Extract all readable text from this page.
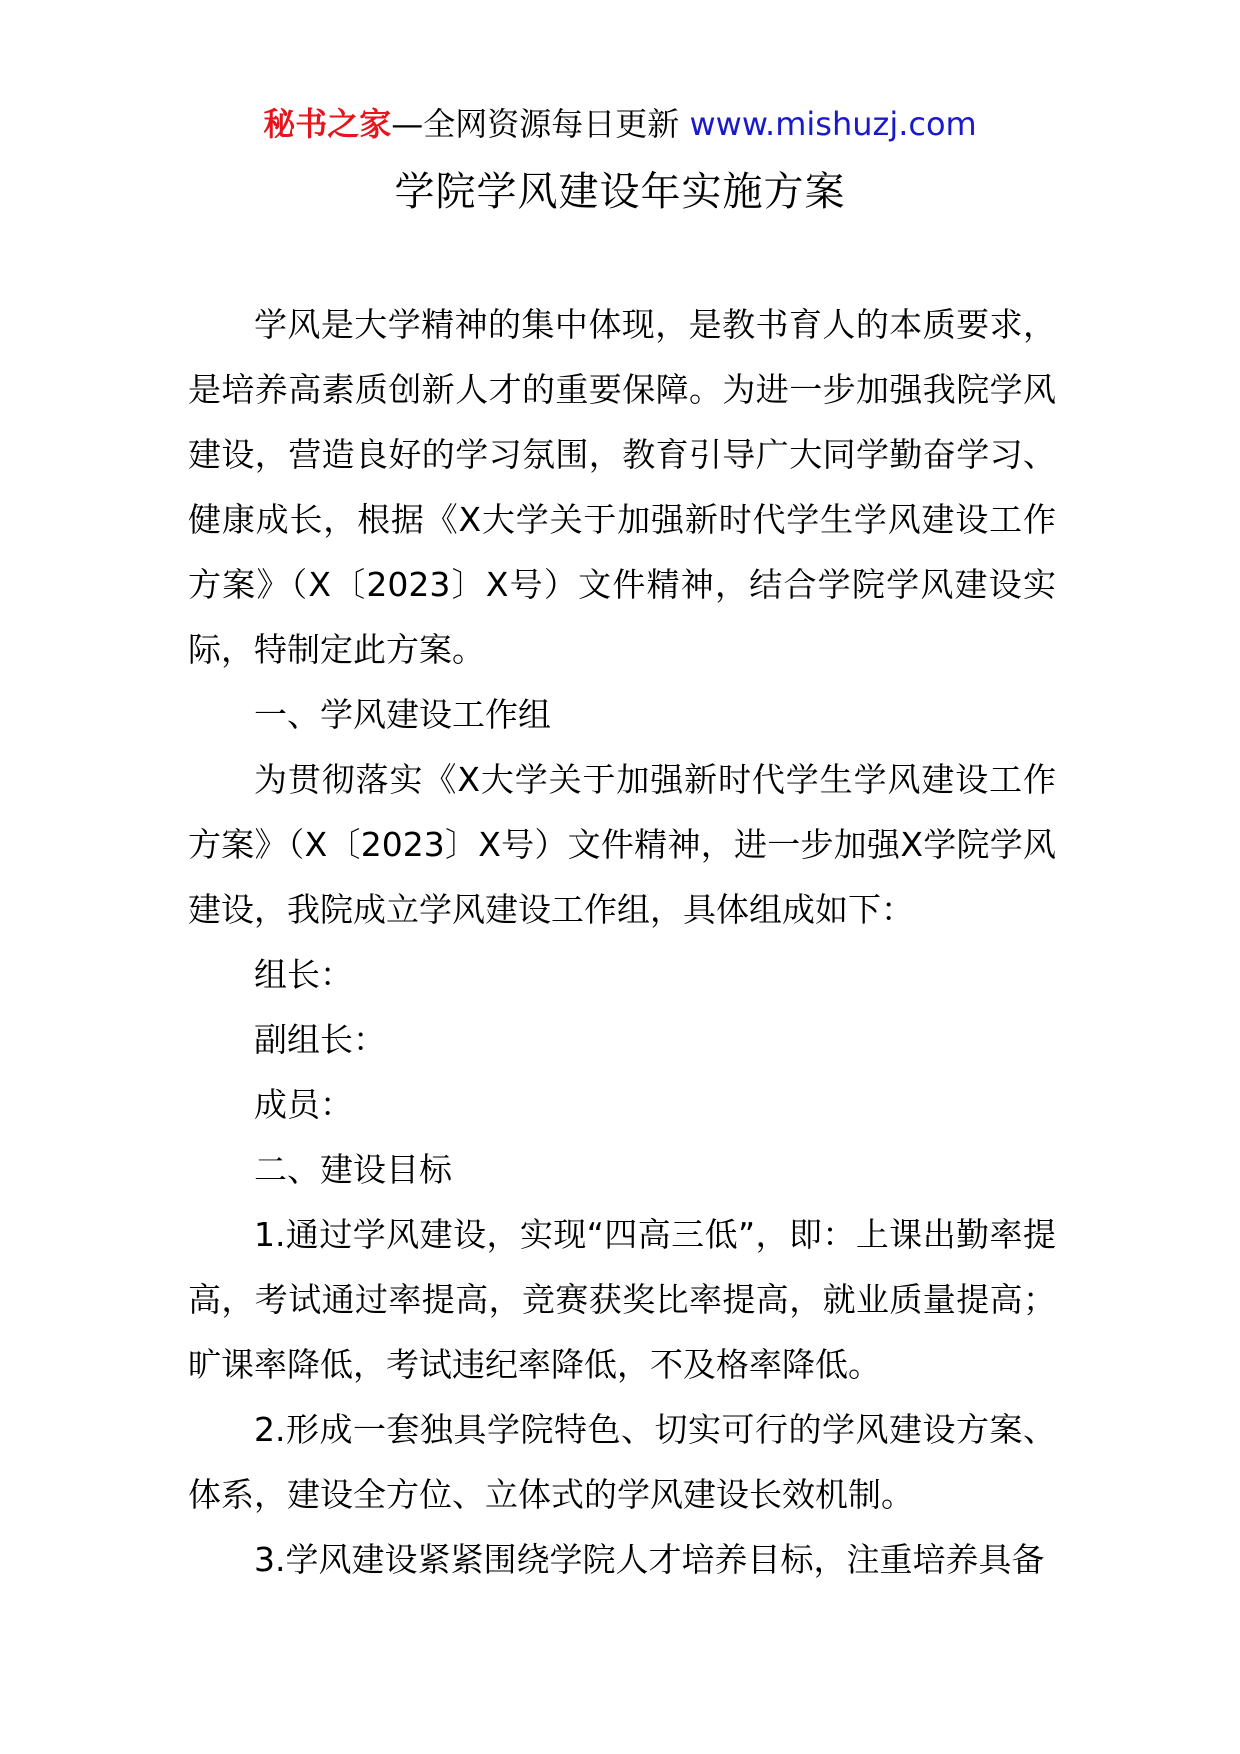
秘书之家—全网资源每日更新 www.mishuzj.com
学院学风建设年实施方案

学风是大学精神的集中体现，是教书育人的本质要求，是培养高素质创新人才的重要保障。为进一步加强我院学风建设，营造良好的学习氛围，教育引导广大同学勤奋学习、健康成长，根据《X大学关于加强新时代学生学风建设工作方案》（X〔2023〕X号）文件精神，结合学院学风建设实际，特制定此方案。

一、学风建设工作组

为贯彻落实《X大学关于加强新时代学生学风建设工作方案》（X〔2023〕X号）文件精神，进一步加强X学院学风建设，我院成立学风建设工作组，具体组成如下：

组长：

副组长：

成员：

二、建设目标

1.通过学风建设，实现“四高三低”，即：上课出勤率提高，考试通过率提高，竞赛获奖比率提高，就业质量提高；旷课率降低，考试违纪率降低，不及格率降低。

2.形成一套独具学院特色、切实可行的学风建设方案、体系，建设全方位、立体式的学风建设长效机制。

3.学风建设紧紧围绕学院人才培养目标，注重培养具备
